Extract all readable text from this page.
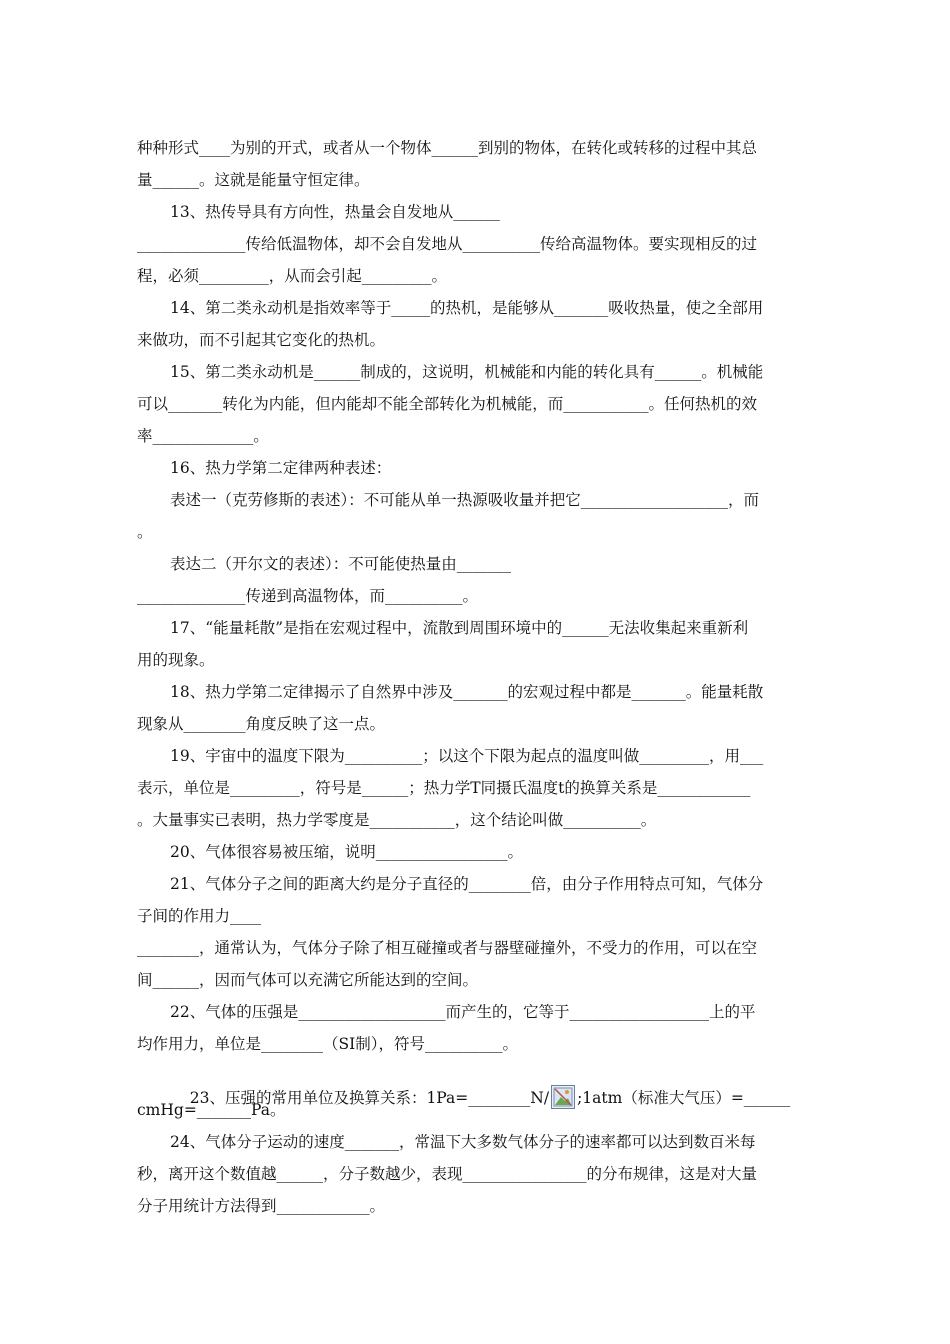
种种形式____为别的开式，或者从一个物体______到别的物体，在转化或转移的过程中其总
量______。这就是能量守恒定律。
13、热传导具有方向性，热量会自发地从______
______________传给低温物体，却不会自发地从__________传给高温物体。要实现相反的过
程，必须_________，从而会引起_________。
14、第二类永动机是指效率等于_____的热机，是能够从_______吸收热量，使之全部用
来做功，而不引起其它变化的热机。
15、第二类永动机是______制成的，这说明，机械能和内能的转化具有______。机械能
可以_______转化为内能，但内能却不能全部转化为机械能，而___________。任何热机的效
率_____________。
16、热力学第二定律两种表述：
表述一（克劳修斯的表述）：不可能从单一热源吸收量并把它___________________，而
。
表达二（开尔文的表述）：不可能使热量由_______
______________传递到高温物体，而__________。
17、“能量耗散”是指在宏观过程中，流散到周围环境中的______无法收集起来重新利
用的现象。
18、热力学第二定律揭示了自然界中涉及_______的宏观过程中都是_______。能量耗散
现象从________角度反映了这一点。
19、宇宙中的温度下限为__________；以这个下限为起点的温度叫做_________，用___
表示，单位是_________，符号是______；热力学T同摄氏温度t的换算关系是____________
。大量事实已表明，热力学零度是___________，这个结论叫做__________。
20、气体很容易被压缩，说明_________________。
21、气体分子之间的距离大约是分子直径的________倍，由分子作用特点可知，气体分
子间的作用力____
________，通常认为，气体分子除了相互碰撞或者与器壁碰撞外，不受力的作用，可以在空
间______，因而气体可以充满它所能达到的空间。
22、气体的压强是___________________而产生的，它等于__________________上的平
均作用力，单位是________（SI制），符号__________。
24、气体分子运动的速度_______，常温下大多数气体分子的速率都可以达到数百米每
秒，离开这个数值越______，分子数越少，表现________________的分布规律，这是对大量
分子用统计方法得到____________。

23、压强的常用单位及换算关系：1Pa=________N/ ;1atm（标准大气压）=______

cmHg=_______Pa。
